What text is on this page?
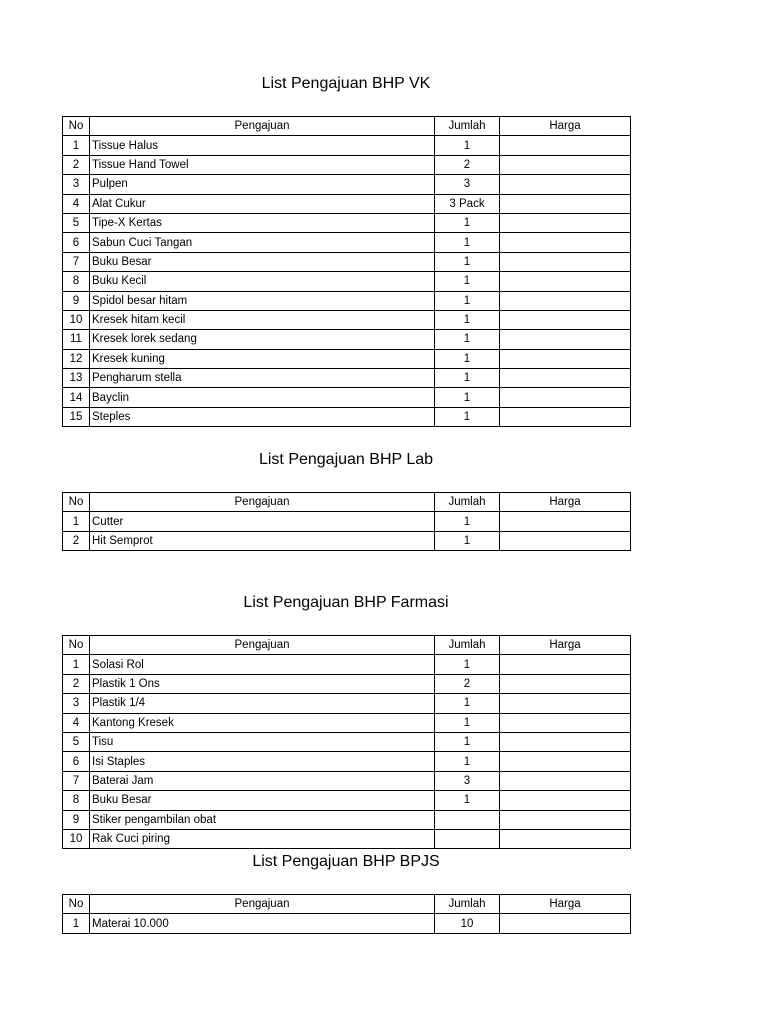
List Pengajuan BHP VK
No	Pengajuan	Jumlah	Harga
1	Tissue Halus	1	
2	Tissue Hand Towel	2	
3	Pulpen	3	
4	Alat Cukur	3 Pack	
5	Tipe-X Kertas	1	
6	Sabun Cuci Tangan	1	
7	Buku Besar	1	
8	Buku Kecil	1	
9	Spidol besar hitam	1	
10	Kresek hitam kecil	1	
11	Kresek lorek sedang	1	
12	Kresek kuning	1	
13	Pengharum stella	1	
14	Bayclin	1	
15	Steples	1	
List Pengajuan BHP Lab
No	Pengajuan	Jumlah	Harga
1	Cutter	1	
2	Hit Semprot	1	
List Pengajuan BHP Farmasi
No	Pengajuan	Jumlah	Harga
1	Solasi Rol	1	
2	Plastik 1 Ons	2	
3	Plastik 1/4	1	
4	Kantong Kresek	1	
5	Tisu	1	
6	Isi Staples	1	
7	Baterai Jam	3	
8	Buku Besar	1	
9	Stiker pengambilan obat		
10	Rak Cuci piring		
List Pengajuan BHP BPJS
No	Pengajuan	Jumlah	Harga
1	Materai 10.000	10	
